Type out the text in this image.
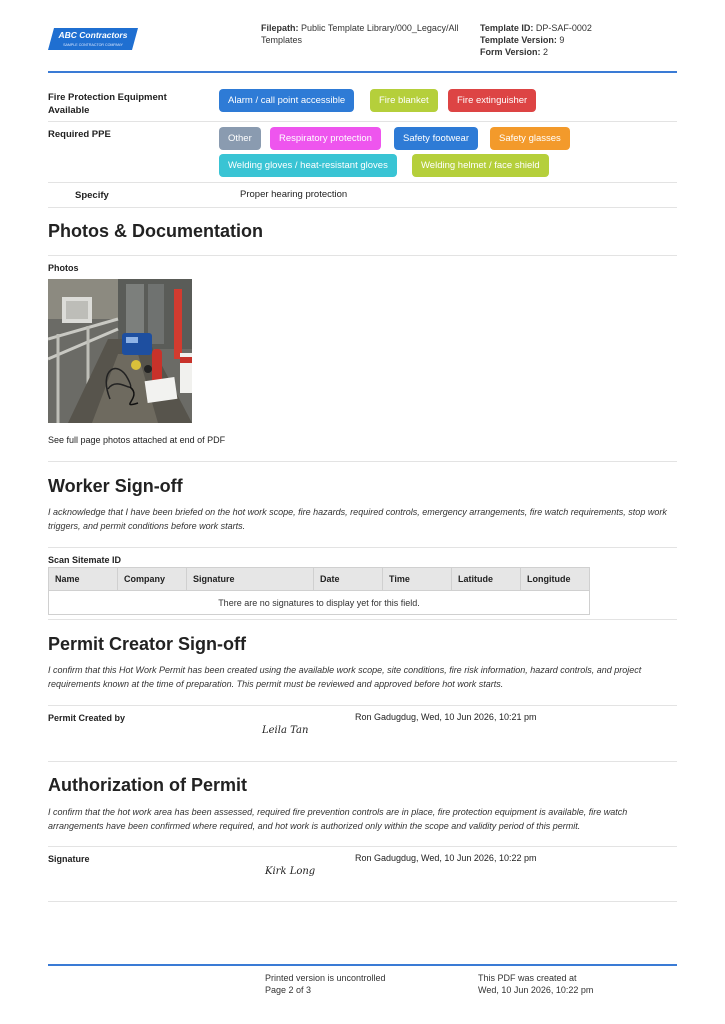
ABC Contractors
SAMPLE CONTRACTOR COMPANY
Filepath: Public Template Library/000_Legacy/All Templates
Template ID: DP-SAF-0002
Template Version: 9
Form Version: 2
Fire Protection Equipment Available
Alarm / call point accessible	Fire blanket	Fire extinguisher
Required PPE	Other	Respiratory protection	Safety footwear	Safety glasses
Welding gloves / heat-resistant gloves	Welding helmet / face shield
Specify	Proper hearing protection
Photos & Documentation
Photos
See full page photos attached at end of PDF
Worker Sign-off
I acknowledge that I have been briefed on the hot work scope, fire hazards, required controls, emergency arrangements, fire watch requirements, stop work triggers, and permit conditions before work starts.
Scan Sitemate ID
Name	Company	Signature	Date	Time	Latitude	Longitude
There are no signatures to display yet for this field.
Permit Creator Sign-off
I confirm that this Hot Work Permit has been created using the available work scope, site conditions, fire risk information, hazard controls, and project requirements known at the time of preparation. This permit must be reviewed and approved before hot work starts.
Permit Created by
Leila Tan
Ron Gadugdug, Wed, 10 Jun 2026, 10:21 pm
Authorization of Permit
I confirm that the hot work area has been assessed, required fire prevention controls are in place, fire protection equipment is available, fire watch arrangements have been confirmed where required, and hot work is authorized only within the scope and validity period of this permit.
Signature
Kirk Long
Ron Gadugdug, Wed, 10 Jun 2026, 10:22 pm
Printed version is uncontrolled
Page 2 of 3
This PDF was created at
Wed, 10 Jun 2026, 10:22 pm
